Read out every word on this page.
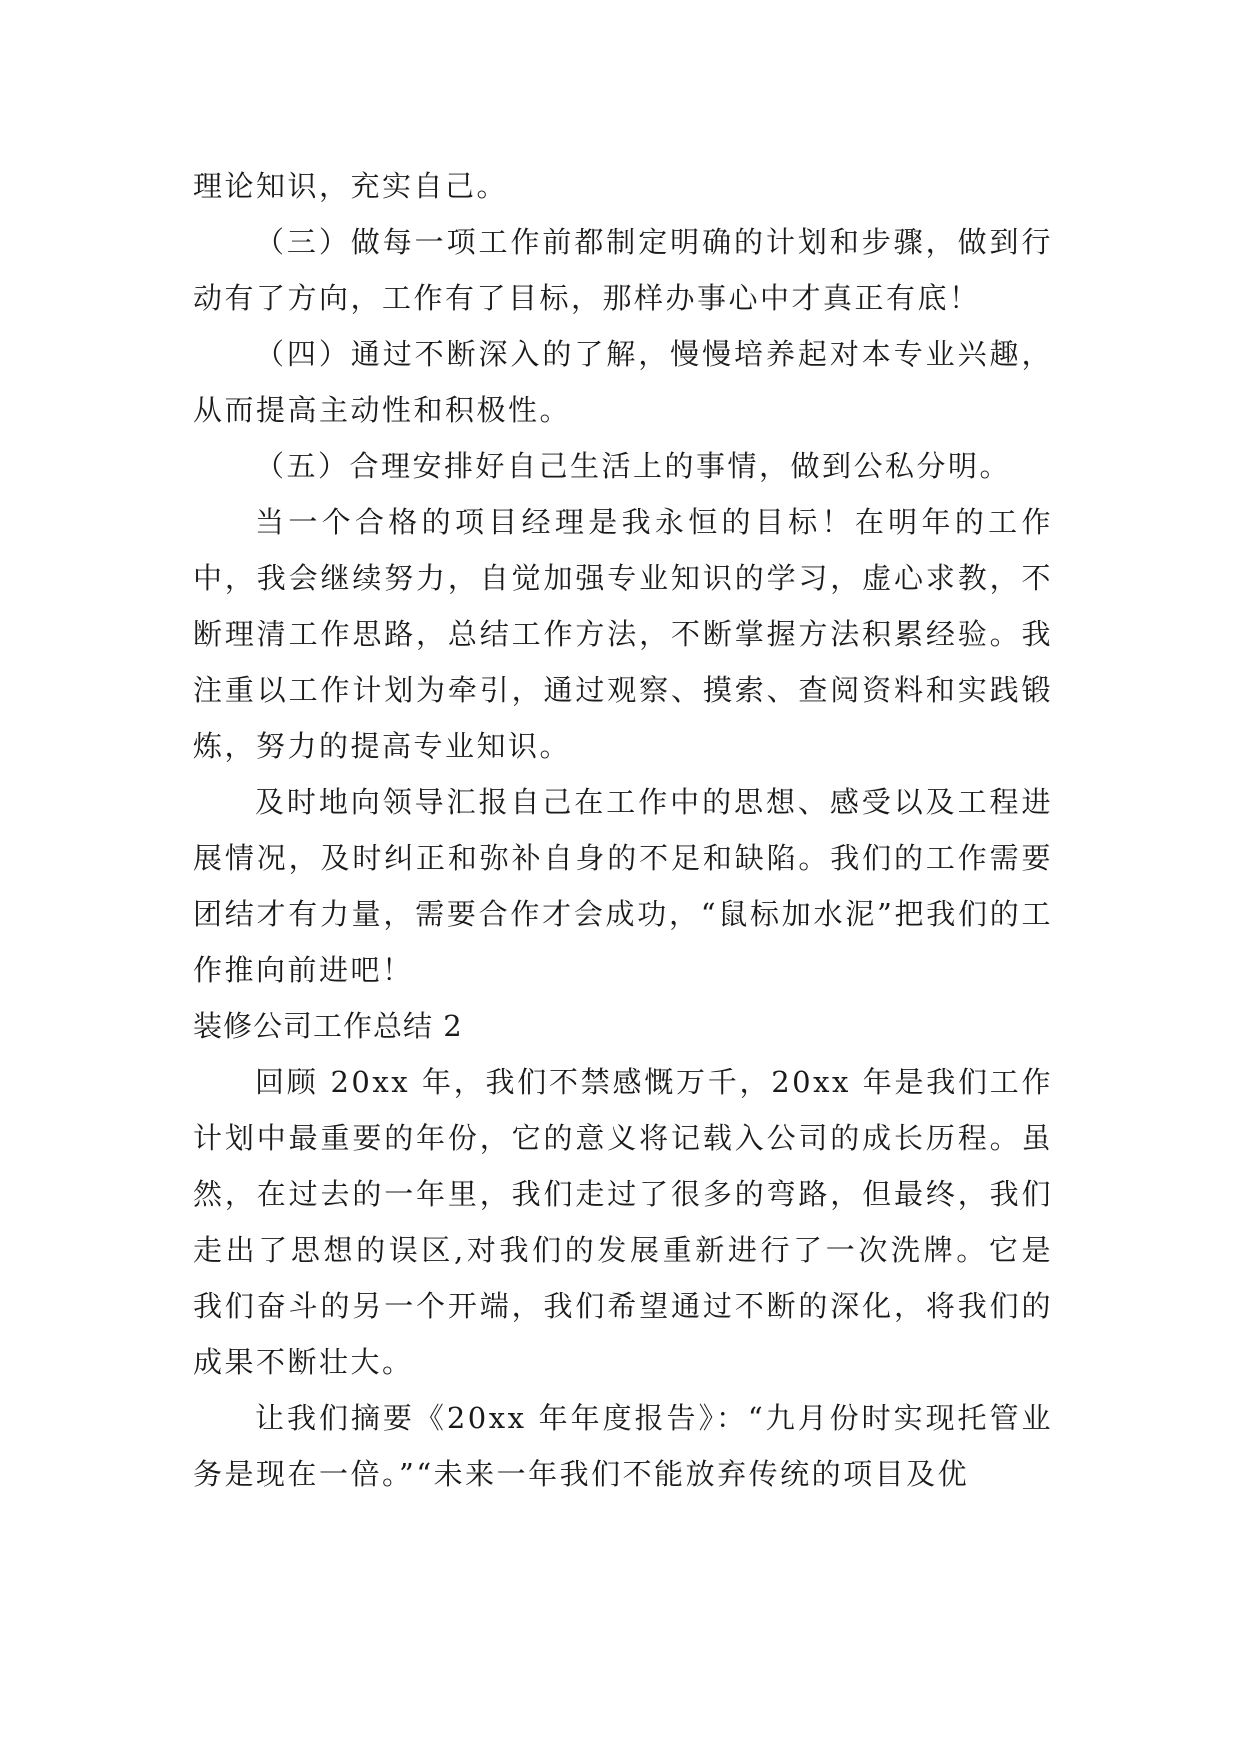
理论知识，充实自己。

（三）做每一项工作前都制定明确的计划和步骤，做到行动有了方向，工作有了目标，那样办事心中才真正有底！

（四）通过不断深入的了解，慢慢培养起对本专业兴趣，从而提高主动性和积极性。

（五）合理安排好自己生活上的事情，做到公私分明。

当一个合格的项目经理是我永恒的目标！在明年的工作中，我会继续努力，自觉加强专业知识的学习，虚心求教，不断理清工作思路，总结工作方法，不断掌握方法积累经验。我注重以工作计划为牵引，通过观察、摸索、查阅资料和实践锻炼，努力的提高专业知识。

及时地向领导汇报自己在工作中的思想、感受以及工程进展情况，及时纠正和弥补自身的不足和缺陷。我们的工作需要团结才有力量，需要合作才会成功，“鼠标加水泥”把我们的工作推向前进吧！

装修公司工作总结 2

回顾 20xx 年，我们不禁感慨万千，20xx 年是我们工作计划中最重要的年份，它的意义将记载入公司的成长历程。虽然，在过去的一年里，我们走过了很多的弯路，但最终，我们走出了思想的误区,对我们的发展重新进行了一次洗牌。它是我们奋斗的另一个开端，我们希望通过不断的深化，将我们的成果不断壮大。

让我们摘要《20xx 年年度报告》：“九月份时实现托管业务是现在一倍。”“未来一年我们不能放弃传统的项目及优
